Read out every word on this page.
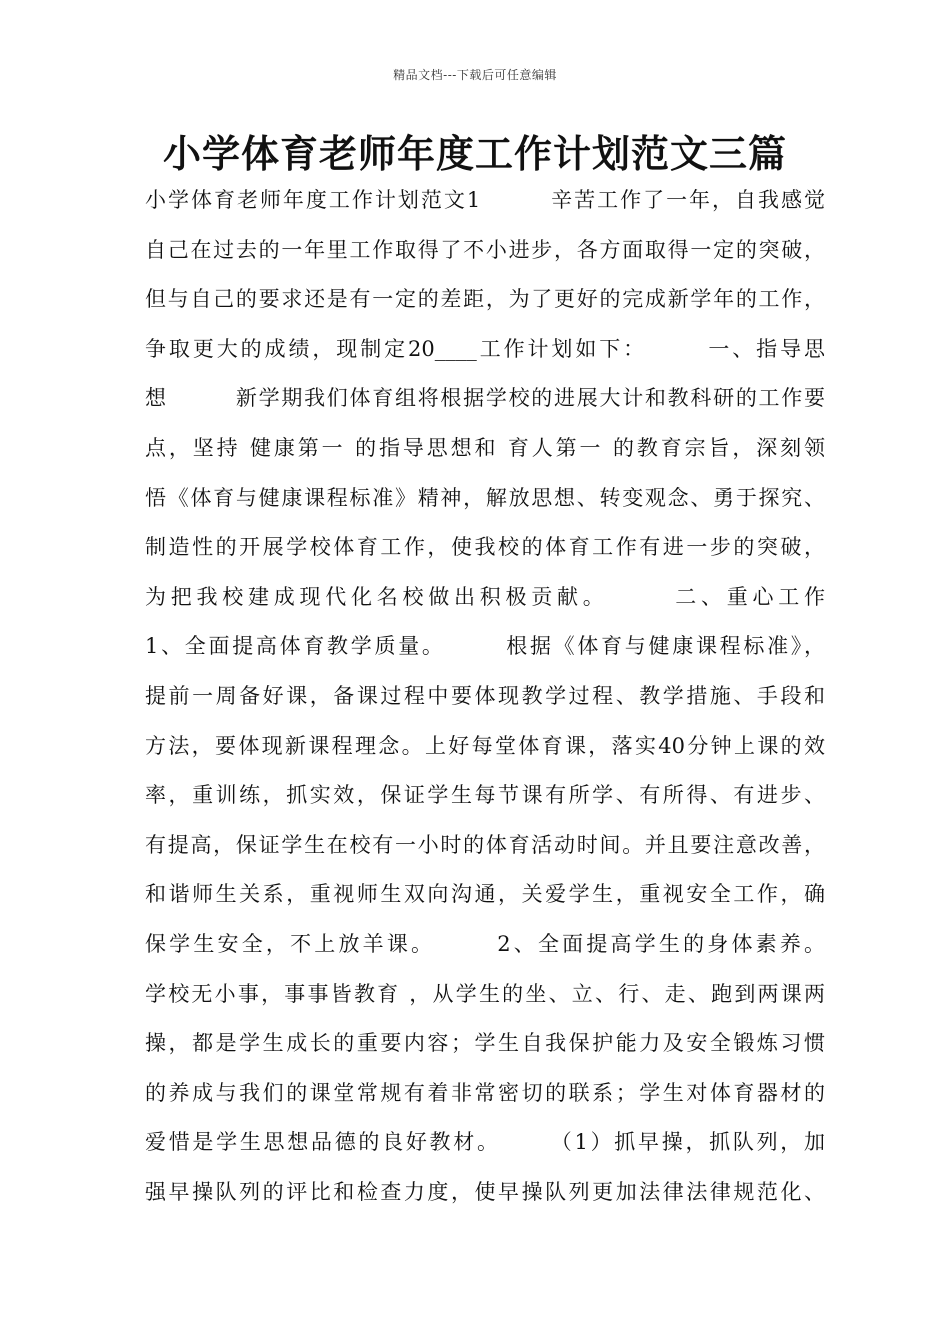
精品文档---下载后可任意编辑
小学体育老师年度工作计划范文三篇
小学体育老师年度工作计划范文1　　　辛苦工作了一年，自我感觉
自己在过去的一年里工作取得了不小进步，各方面取得一定的突破，
但与自己的要求还是有一定的差距，为了更好的完成新学年的工作，
争取更大的成绩，现制定20____工作计划如下：　　　一、指导思
想　　　新学期我们体育组将根据学校的进展大计和教科研的工作要
点，坚持 健康第一 的指导思想和 育人第一 的教育宗旨，深刻领
悟《体育与健康课程标准》精神，解放思想、转变观念、勇于探究、
制造性的开展学校体育工作，使我校的体育工作有进一步的突破，
为把我校建成现代化名校做出积极贡献。　　　二、重心工作
1、全面提高体育教学质量。　　　根据《体育与健康课程标准》，
提前一周备好课，备课过程中要体现教学过程、教学措施、手段和
方法，要体现新课程理念。上好每堂体育课，落实40分钟上课的效
率，重训练，抓实效，保证学生每节课有所学、有所得、有进步、
有提高，保证学生在校有一小时的体育活动时间。并且要注意改善，
和谐师生关系，重视师生双向沟通，关爱学生，重视安全工作，确
保学生安全，不上放羊课。　　　2、全面提高学生的身体素养。
学校无小事，事事皆教育 ，从学生的坐、立、行、走、跑到两课两
操，都是学生成长的重要内容；学生自我保护能力及安全锻炼习惯
的养成与我们的课堂常规有着非常密切的联系；学生对体育器材的
爱惜是学生思想品德的良好教材。　　　（1）抓早操，抓队列，加
强早操队列的评比和检查力度，使早操队列更加法律法律规范化、
